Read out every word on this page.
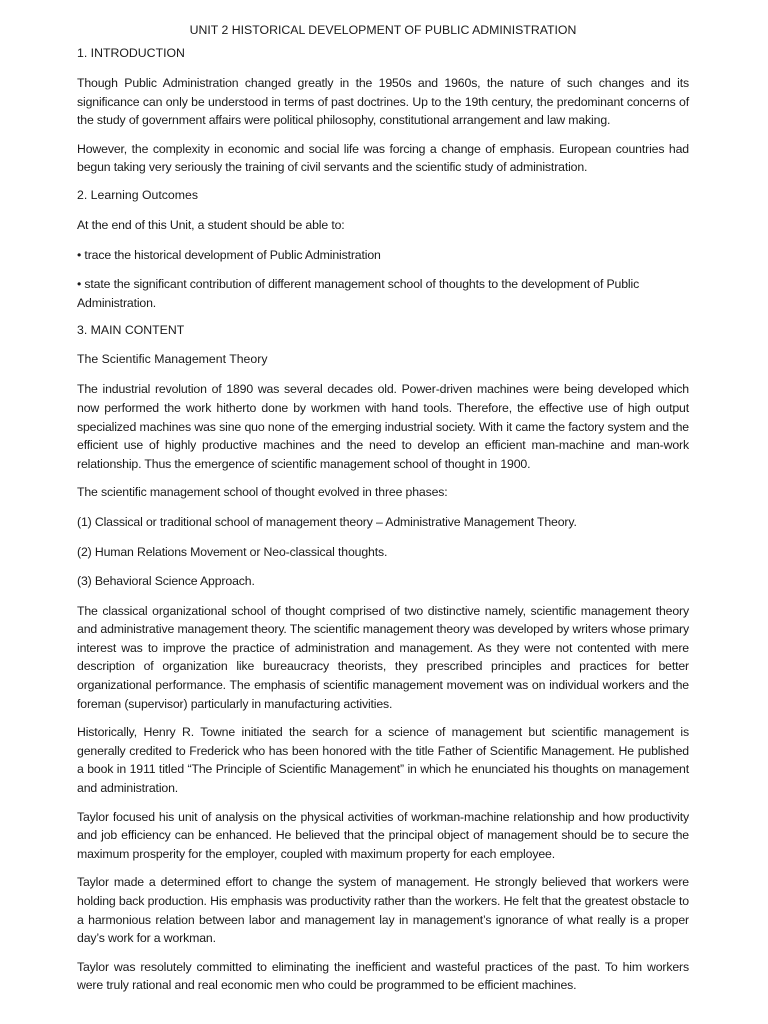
UNIT 2 HISTORICAL DEVELOPMENT OF PUBLIC ADMINISTRATION
1. INTRODUCTION

Though Public Administration changed greatly in the 1950s and 1960s, the nature of such changes and its significance can only be understood in terms of past doctrines. Up to the 19th century, the predominant concerns of the study of government affairs were political philosophy, constitutional arrangement and law making.

However, the complexity in economic and social life was forcing a change of emphasis. European countries had begun taking very seriously the training of civil servants and the scientific study of administration.

2. Learning Outcomes

At the end of this Unit, a student should be able to:

• trace the historical development of Public Administration

• state the significant contribution of different management school of thoughts to the development of Public Administration.

3. MAIN CONTENT
The Scientific Management Theory

The industrial revolution of 1890 was several decades old. Power-driven machines were being developed which now performed the work hitherto done by workmen with hand tools. Therefore, the effective use of high output specialized machines was sine quo none of the emerging industrial society. With it came the factory system and the efficient use of highly productive machines and the need to develop an efficient man-machine and man-work relationship. Thus the emergence of scientific management school of thought in 1900.

The scientific management school of thought evolved in three phases:

(1) Classical or traditional school of management theory – Administrative Management Theory.

(2) Human Relations Movement or Neo-classical thoughts.

(3) Behavioral Science Approach.

The classical organizational school of thought comprised of two distinctive namely, scientific management theory and administrative management theory. The scientific management theory was developed by writers whose primary interest was to improve the practice of administration and management. As they were not contented with mere description of organization like bureaucracy theorists, they prescribed principles and practices for better organizational performance. The emphasis of scientific management movement was on individual workers and the foreman (supervisor) particularly in manufacturing activities.

Historically, Henry R. Towne initiated the search for a science of management but scientific management is generally credited to Frederick who has been honored with the title Father of Scientific Management. He published a book in 1911 titled “The Principle of Scientific Management” in which he enunciated his thoughts on management and administration.

Taylor focused his unit of analysis on the physical activities of workman-machine relationship and how productivity and job efficiency can be enhanced. He believed that the principal object of management should be to secure the maximum prosperity for the employer, coupled with maximum property for each employee.

Taylor made a determined effort to change the system of management. He strongly believed that workers were holding back production. His emphasis was productivity rather than the workers. He felt that the greatest obstacle to a harmonious relation between labor and management lay in management’s ignorance of what really is a proper day’s work for a workman.

Taylor was resolutely committed to eliminating the inefficient and wasteful practices of the past. To him workers were truly rational and real economic men who could be programmed to be efficient machines.
